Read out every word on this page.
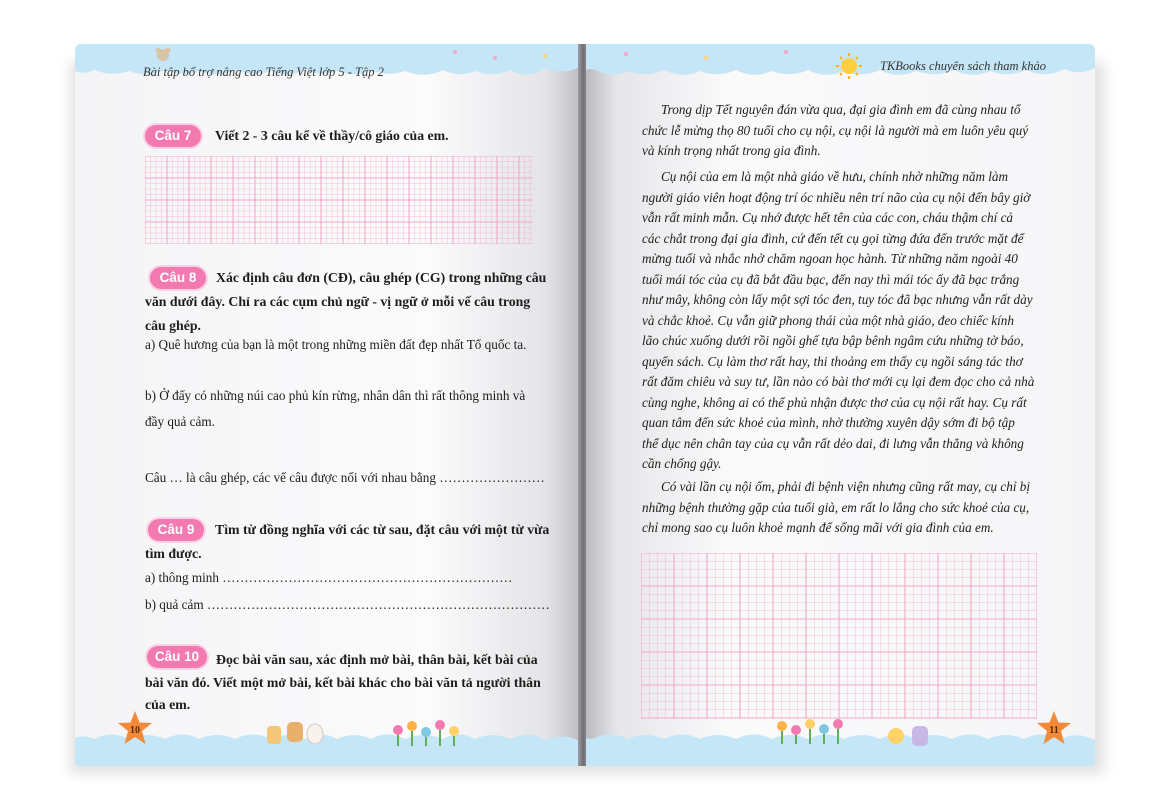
Bài tập bổ trợ nâng cao Tiếng Việt lớp 5 - Tập 2
Câu 7	Viết 2 - 3 câu kể về thầy/cô giáo của em.
Câu 8	Xác định câu đơn (CĐ), câu ghép (CG) trong những câu
văn dưới đây. Chỉ ra các cụm chủ ngữ - vị ngữ ở mỗi vế câu trong
câu ghép.
a) Quê hương của bạn là một trong những miền đất đẹp nhất Tổ quốc ta.
b) Ở đấy có những núi cao phủ kín rừng, nhân dân thì rất thông minh và
đầy quả cảm.
Câu … là câu ghép, các vế câu được nối với nhau bằng ……………………
Câu 9	Tìm từ đồng nghĩa với các từ sau, đặt câu với một từ vừa
tìm được.
a) thông minh …………………………………………………………
b) quả cảm ……………………………………………………………………
Câu 10	Đọc bài văn sau, xác định mở bài, thân bài, kết bài của
bài văn đó. Viết một mở bài, kết bài khác cho bài văn tả người thân
của em.
10
TKBooks chuyên sách tham khảo
Trong dịp Tết nguyên đán vừa qua, đại gia đình em đã cùng nhau tổ
chức lễ mừng thọ 80 tuổi cho cụ nội, cụ nội là người mà em luôn yêu quý
và kính trọng nhất trong gia đình.
Cụ nội của em là một nhà giáo về hưu, chính nhờ những năm làm
người giáo viên hoạt động trí óc nhiều nên trí não của cụ nội đến bây giờ
vẫn rất minh mẫn. Cụ nhớ được hết tên của các con, cháu thậm chí cả
các chắt trong đại gia đình, cứ đến tết cụ gọi từng đứa đến trước mặt để
mừng tuổi và nhắc nhở chăm ngoan học hành. Từ những năm ngoài 40
tuổi mái tóc của cụ đã bắt đầu bạc, đến nay thì mái tóc ấy đã bạc trắng
như mây, không còn lấy một sợi tóc đen, tuy tóc đã bạc nhưng vẫn rất dày
và chắc khoẻ. Cụ vẫn giữ phong thái của một nhà giáo, đeo chiếc kính
lão chúc xuống dưới rồi ngồi ghế tựa bập bênh ngâm cứu những tờ báo,
quyển sách. Cụ làm thơ rất hay, thi thoảng em thấy cụ ngồi sáng tác thơ
rất đăm chiêu và suy tư, lần nào có bài thơ mới cụ lại đem đọc cho cả nhà
cùng nghe, không ai có thể phủ nhận được thơ của cụ nội rất hay. Cụ rất
quan tâm đến sức khoẻ của mình, nhờ thường xuyên dậy sớm đi bộ tập
thể dục nên chân tay của cụ vẫn rất dẻo dai, đi lưng vẫn thẳng và không
cần chống gậy.
Có vài lần cụ nội ốm, phải đi bệnh viện nhưng cũng rất may, cụ chỉ bị
những bệnh thường gặp của tuổi già, em rất lo lắng cho sức khoẻ của cụ,
chỉ mong sao cụ luôn khoẻ mạnh để sống mãi với gia đình của em.
11
